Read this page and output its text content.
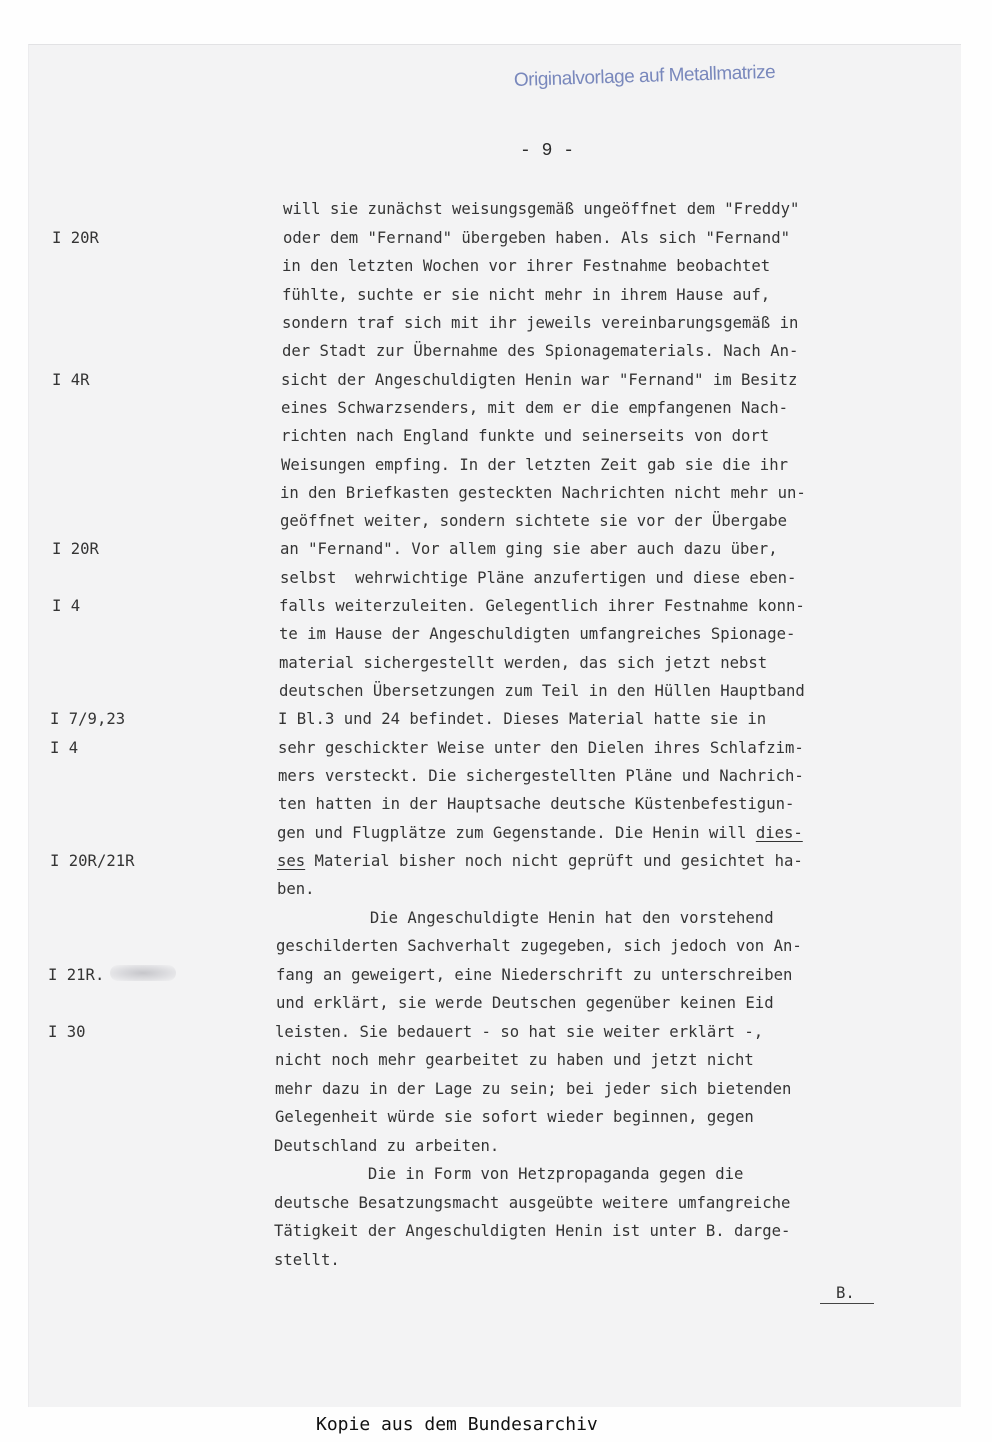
Originalvorlage auf Metallmatrize
- 9 -
I 20R
I 4R
I 20R
I 4
I 7/9,23
I 4
I 20R/21R
I 21R.
I 30
will sie zunächst weisungsgemäß ungeöffnet dem "Freddy"
oder dem "Fernand" übergeben haben. Als sich "Fernand"
in den letzten Wochen vor ihrer Festnahme beobachtet
fühlte, suchte er sie nicht mehr in ihrem Hause auf,
sondern traf sich mit ihr jeweils vereinbarungsgemäß in
der Stadt zur Übernahme des Spionagematerials. Nach An-
sicht der Angeschuldigten Henin war "Fernand" im Besitz
eines Schwarzsenders, mit dem er die empfangenen Nach-
richten nach England funkte und seinerseits von dort
Weisungen empfing. In der letzten Zeit gab sie die ihr
in den Briefkasten gesteckten Nachrichten nicht mehr un-
geöffnet weiter, sondern sichtete sie vor der Übergabe
an "Fernand". Vor allem ging sie aber auch dazu über,
selbst  wehrwichtige Pläne anzufertigen und diese eben-
falls weiterzuleiten. Gelegentlich ihrer Festnahme konn-
te im Hause der Angeschuldigten umfangreiches Spionage-
material sichergestellt werden, das sich jetzt nebst
deutschen Übersetzungen zum Teil in den Hüllen Hauptband
I Bl.3 und 24 befindet. Dieses Material hatte sie in
sehr geschickter Weise unter den Dielen ihres Schlafzim-
mers versteckt. Die sichergestellten Pläne und Nachrich-
ten hatten in der Hauptsache deutsche Küstenbefestigun-
gen und Flugplätze zum Gegenstande. Die Henin will dies-
ses Material bisher noch nicht geprüft und gesichtet ha-
ben.
Die Angeschuldigte Henin hat den vorstehend
geschilderten Sachverhalt zugegeben, sich jedoch von An-
fang an geweigert, eine Niederschrift zu unterschreiben
und erklärt, sie werde Deutschen gegenüber keinen Eid
leisten. Sie bedauert - so hat sie weiter erklärt -,
nicht noch mehr gearbeitet zu haben und jetzt nicht
mehr dazu in der Lage zu sein; bei jeder sich bietenden
Gelegenheit würde sie sofort wieder beginnen, gegen
Deutschland zu arbeiten.
Die in Form von Hetzpropaganda gegen die
deutsche Besatzungsmacht ausgeübte weitere umfangreiche
Tätigkeit der Angeschuldigten Henin ist unter B. darge-
stellt.
B.
Kopie aus dem Bundesarchiv
